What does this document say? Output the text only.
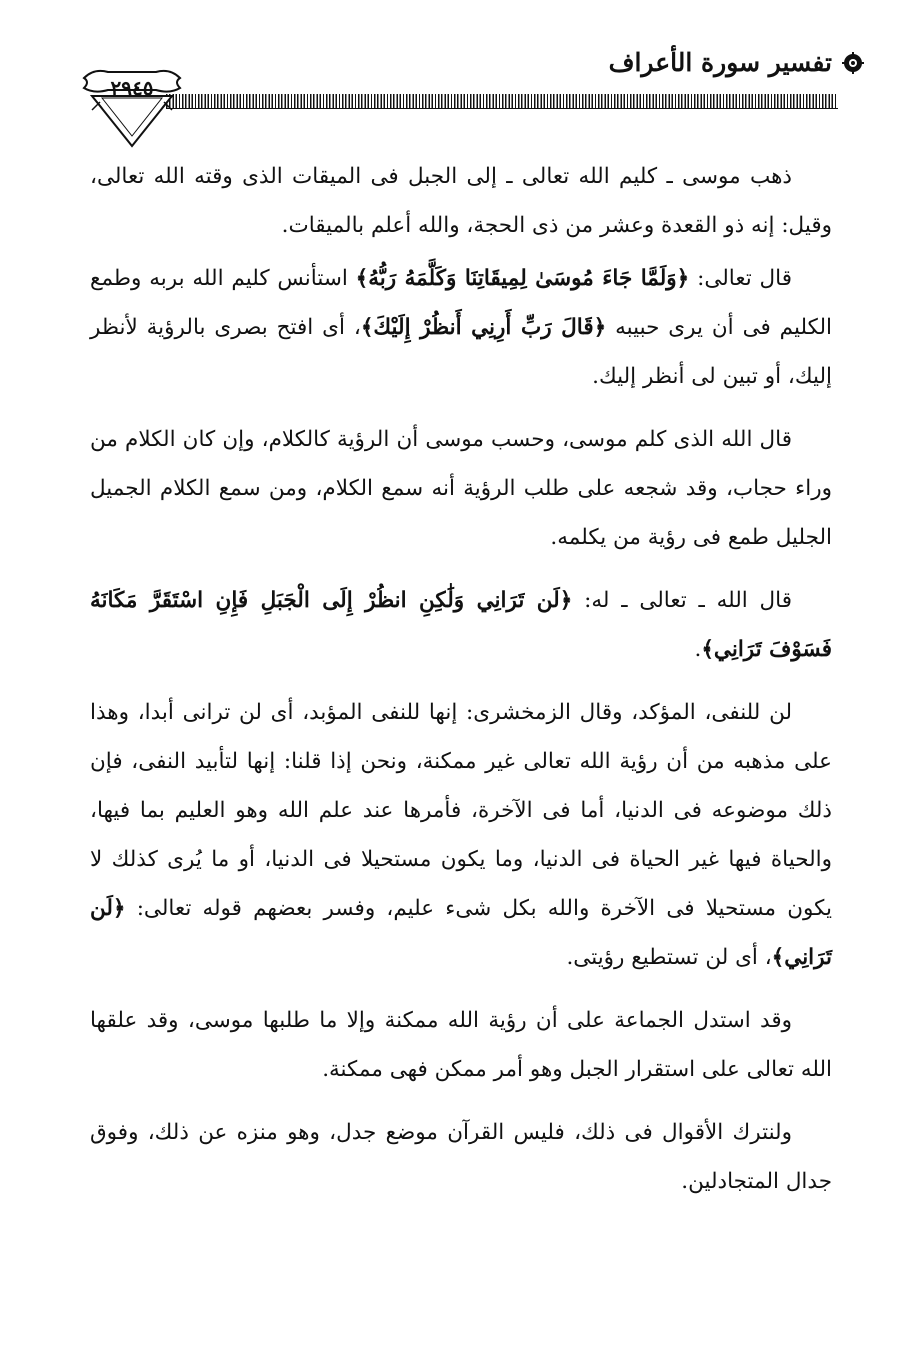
تفسير سورة الأعراف
٢٩٤٥

ذهب موسى ـ كليم الله تعالى ـ إلى الجبل فى الميقات الذى وقته الله تعالى، وقيل: إنه ذو القعدة وعشر من ذى الحجة، والله أعلم بالميقات.

قال تعالى: ﴿وَلَمَّا جَاءَ مُوسَىٰ لِمِيقَاتِنَا وَكَلَّمَهُ رَبُّهُ﴾ استأنس كليم الله بربه وطمع الكليم فى أن يرى حبيبه ﴿قَالَ رَبِّ أَرِنِي أَنظُرْ إِلَيْكَ﴾، أى افتح بصرى بالرؤية لأنظر إليك، أو تبين لى أنظر إليك.

قال الله الذى كلم موسى، وحسب موسى أن الرؤية كالكلام، وإن كان الكلام من وراء حجاب، وقد شجعه على طلب الرؤية أنه سمع الكلام، ومن سمع الكلام الجميل الجليل طمع فى رؤية من يكلمه.

قال الله ـ تعالى ـ له: ﴿لَن تَرَانِي وَلَٰكِنِ انظُرْ إِلَى الْجَبَلِ فَإِنِ اسْتَقَرَّ مَكَانَهُ فَسَوْفَ تَرَانِي﴾.

لن للنفى، المؤكد، وقال الزمخشرى: إنها للنفى المؤبد، أى لن ترانى أبدا، وهذا على مذهبه من أن رؤية الله تعالى غير ممكنة، ونحن إذا قلنا: إنها لتأبيد النفى، فإن ذلك موضوعه فى الدنيا، أما فى الآخرة، فأمرها عند علم الله وهو العليم بما فيها، والحياة فيها غير الحياة فى الدنيا، وما يكون مستحيلا فى الدنيا، أو ما يُرى كذلك لا يكون مستحيلا فى الآخرة والله بكل شىء عليم، وفسر بعضهم قوله تعالى: ﴿لَن تَرَانِي﴾، أى لن تستطيع رؤيتى.

وقد استدل الجماعة على أن رؤية الله ممكنة وإلا ما طلبها موسى، وقد علقها الله تعالى على استقرار الجبل وهو أمر ممكن فهى ممكنة.

ولنترك الأقوال فى ذلك، فليس القرآن موضع جدل، وهو منزه عن ذلك، وفوق جدال المتجادلين.
